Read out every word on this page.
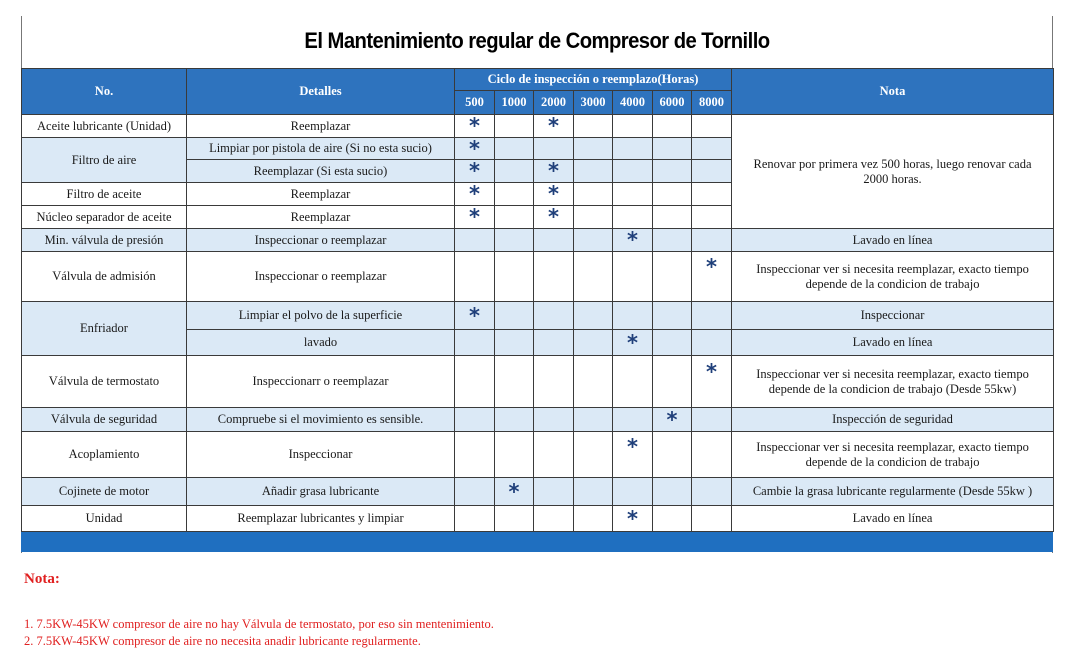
El Mantenimiento regular de Compresor de Tornillo
No.	Detalles	Ciclo de inspección o reemplazo(Horas)							Nota
		500	1000	2000	3000	4000	6000	8000	
Aceite lubricante (Unidad)	Reemplazar	*		*					Renovar por primera vez 500 horas, luego renovar cada
2000 horas.

Filtro de aire	Limpiar por pistola de aire (Si no esta sucio)	*							
	Reemplazar (Si esta sucio)	*		*					
Filtro de aceite	Reemplazar	*		*					
Núcleo separador de aceite	Reemplazar	*		*					
Min. válvula de presión	Inspeccionar o reemplazar					*			Lavado en línea
Válvula de admisión	Inspeccionar o reemplazar							*	Inspeccionar ver si necesita reemplazar, exacto tiempo
depende de la condicion de trabajo

Enfriador	Limpiar el polvo de la superficie	*							Inspeccionar
	lavado					*			Lavado en línea
Válvula de termostato	Inspeccionarr o reemplazar							*	Inspeccionar ver si necesita reemplazar, exacto tiempo
depende de la condicion de trabajo (Desde 55kw)

Válvula de seguridad	Compruebe si el movimiento es sensible.						*		Inspección de seguridad
Acoplamiento	Inspeccionar					*			Inspeccionar ver si necesita reemplazar, exacto tiempo
depende de la condicion de trabajo

Cojinete de motor	Añadir grasa lubricante		*						Cambie la grasa lubricante regularmente (Desde 55kw )
Unidad	Reemplazar lubricantes y limpiar					*			Lavado en línea
Nota:
1. 7.5KW-45KW compresor de aire no hay Válvula de termostato, por eso sin mentenimiento.
2. 7.5KW-45KW compresor de aire no necesita anadir lubricante regularmente.
